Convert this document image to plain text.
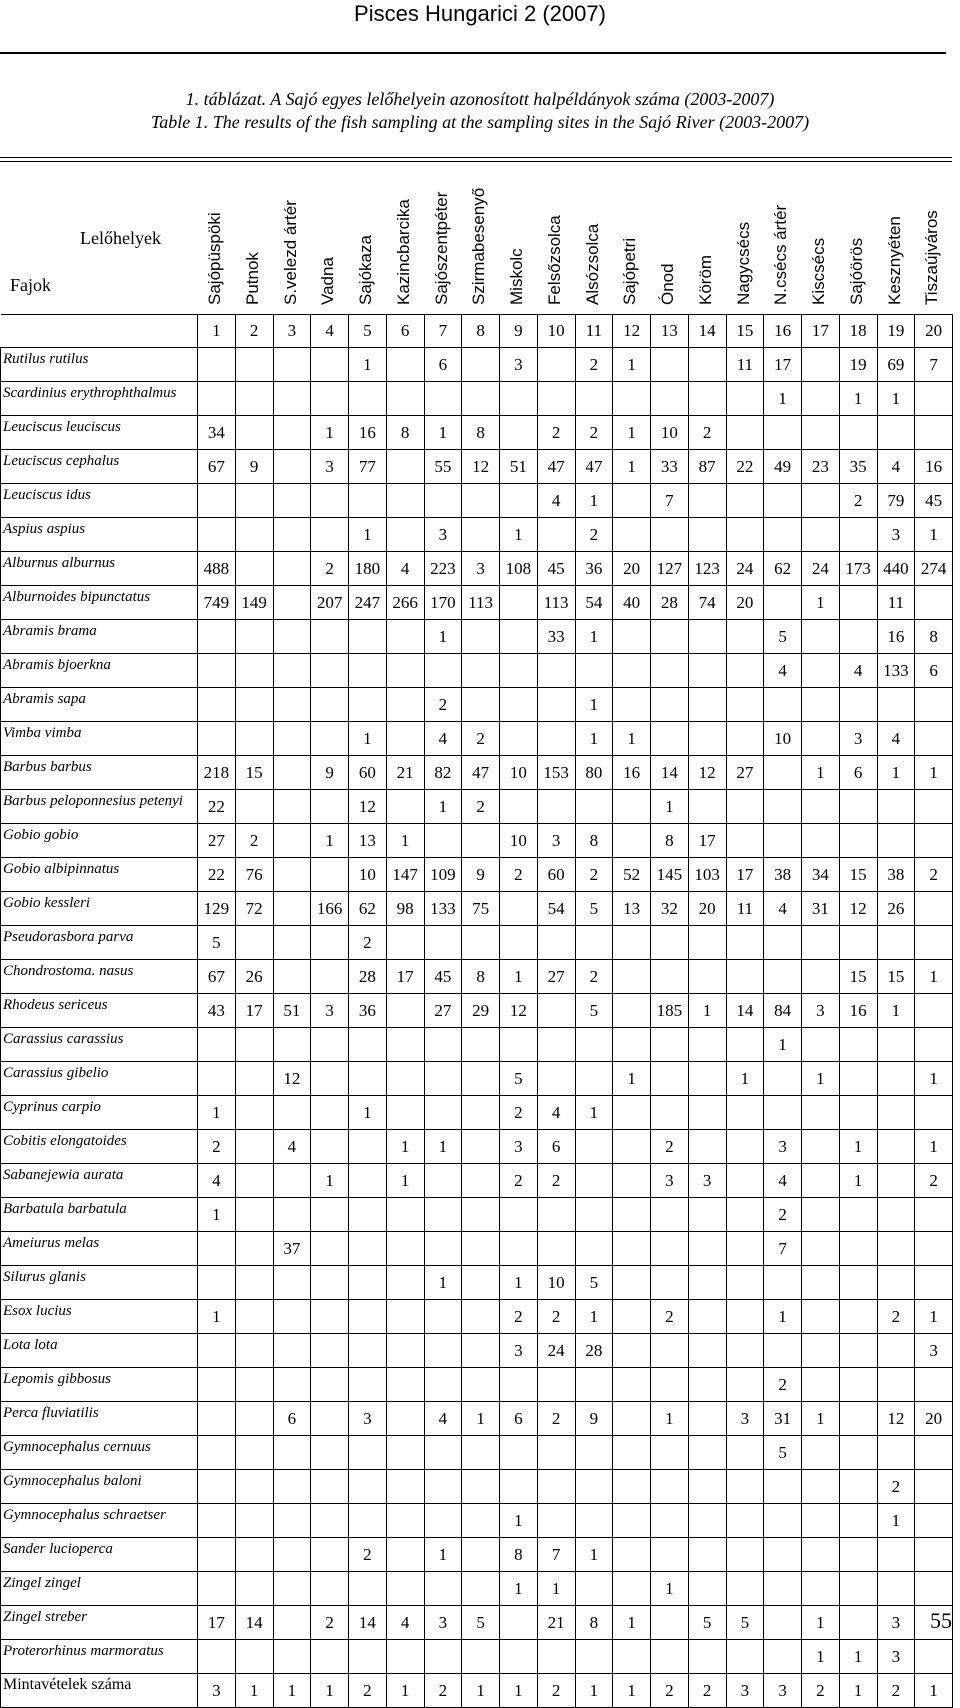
Pisces Hungarici 2 (2007)
1. táblázat. A Sajó egyes lelőhelyein azonosított halpéldányok száma (2003-2007)
Table 1. The results of the fish sampling at the sampling sites in the Sajó River (2003-2007)
Lelőhelyek
Fajok	Sajópüspöki Putnok S.velezd ártér Vadna Sajókaza Kazincbarcika Sajószentpéter Szirmabesenyő Miskolc Felsőzsolca Alsózsolca Sajópetri Ónod Köröm Nagycsécs N.csécs ártér Kiscsécs Sajóörös Kesznyéten Tiszaújváros
	1	2	3	4	5	6	7	8	9	10	11	12	13	14	15	16	17	18	19	20
Rutilus rutilus					1		6		3		2	1			11	17		19	69	7
Scardinius erythrophthalmus																1		1	1	
Leuciscus leuciscus	34			1	16	8	1	8		2	2	1	10	2						
Leuciscus cephalus	67	9		3	77		55	12	51	47	47	1	33	87	22	49	23	35	4	16
Leuciscus idus										4	1		7					2	79	45
Aspius aspius					1		3		1		2								3	1
Alburnus alburnus	488			2	180	4	223	3	108	45	36	20	127	123	24	62	24	173	440	274
Alburnoides bipunctatus	749	149		207	247	266	170	113		113	54	40	28	74	20		1		11	
Abramis brama							1			33	1					5			16	8
Abramis bjoerkna																4		4	133	6
Abramis sapa							2				1									
Vimba vimba					1		4	2			1	1				10		3	4	
Barbus barbus	218	15		9	60	21	82	47	10	153	80	16	14	12	27		1	6	1	1
Barbus peloponnesius petenyi	22				12		1	2					1							
Gobio gobio	27	2		1	13	1			10	3	8		8	17						
Gobio albipinnatus	22	76			10	147	109	9	2	60	2	52	145	103	17	38	34	15	38	2
Gobio kessleri	129	72		166	62	98	133	75		54	5	13	32	20	11	4	31	12	26	
Pseudorasbora parva	5				2															
Chondrostoma. nasus	67	26			28	17	45	8	1	27	2							15	15	1
Rhodeus sericeus	43	17	51	3	36		27	29	12		5		185	1	14	84	3	16	1	
Carassius carassius																1				
Carassius gibelio			12						5			1			1		1			1
Cyprinus carpio	1				1				2	4	1									
Cobitis elongatoides	2		4			1	1		3	6			2			3		1		1
Sabanejewia aurata	4			1		1			2	2			3	3		4		1		2
Barbatula barbatula	1															2				
Ameiurus melas			37													7				
Silurus glanis							1		1	10	5									
Esox lucius	1								2	2	1		2			1			2	1
Lota lota									3	24	28									3
Lepomis gibbosus																2				
Perca fluviatilis			6		3		4	1	6	2	9		1		3	31	1		12	20
Gymnocephalus cernuus																5				
Gymnocephalus baloni																			2	
Gymnocephalus schraetser									1										1	
Sander lucioperca					2		1		8	7	1									
Zingel zingel									1	1			1							
Zingel streber	17	14		2	14	4	3	5		21	8	1		5	5		1		3	
Proterorhinus marmoratus																	1	1	3	
Mintavételek száma	3	1	1	1	2	1	2	1	1	2	1	1	2	2	3	3	2	1	2	1
55
